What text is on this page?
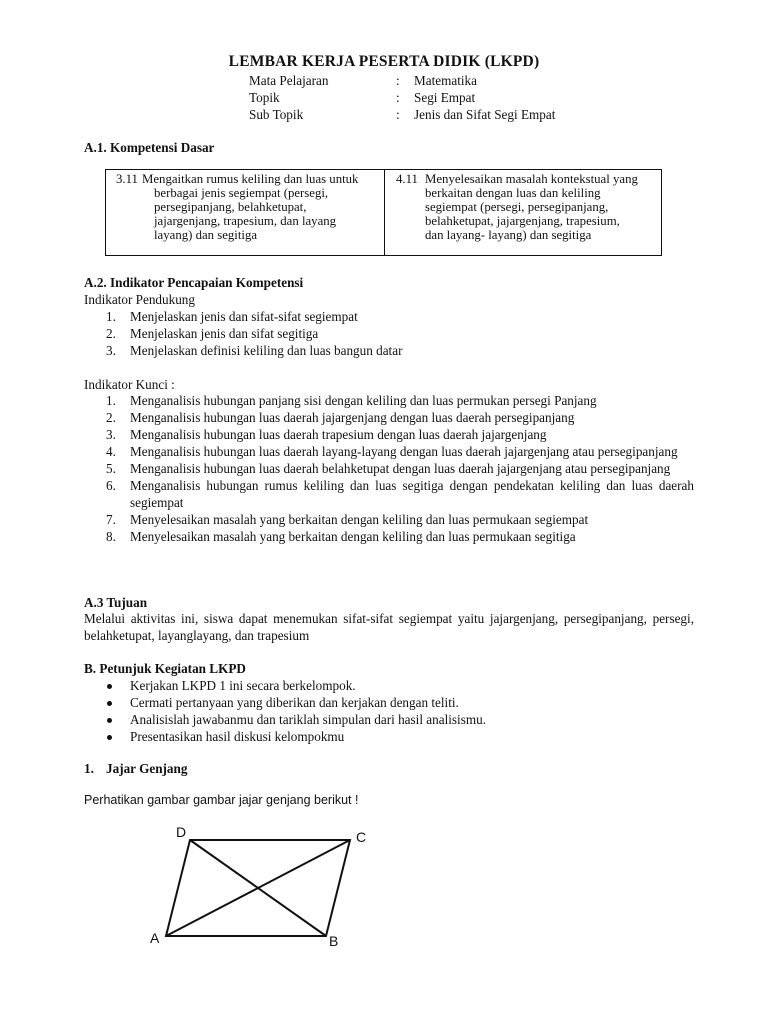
LEMBAR KERJA PESERTA DIDIK (LKPD)
Mata Pelajaran	: Matematika
Topik	: Segi Empat
Sub Topik	: Jenis dan Sifat Segi Empat
A.1. Kompetensi Dasar
3.11 Mengaitkan rumus keliling dan luas untuk
berbagai jenis segiempat (persegi,
persegipanjang, belahketupat,
jajargenjang, trapesium, dan layang
layang) dan segitiga
4.11 Menyelesaikan masalah kontekstual yang
berkaitan dengan luas dan keliling
segiempat (persegi, persegipanjang,
belahketupat, jajargenjang, trapesium,
dan layang- layang) dan segitiga
A.2. Indikator Pencapaian Kompetensi
Indikator Pendukung
1. Menjelaskan jenis dan sifat-sifat segiempat
2. Menjelaskan jenis dan sifat segitiga
3. Menjelaskan definisi keliling dan luas bangun datar
Indikator Kunci :
1. Menganalisis hubungan panjang sisi dengan keliling dan luas permukan persegi Panjang
2. Menganalisis hubungan luas daerah jajargenjang dengan luas daerah persegipanjang
3. Menganalisis hubungan luas daerah trapesium dengan luas daerah jajargenjang
4. Menganalisis hubungan luas daerah layang-layang dengan luas daerah jajargenjang atau persegipanjang
5. Menganalisis hubungan luas daerah belahketupat dengan luas daerah jajargenjang atau persegipanjang
6. Menganalisis hubungan rumus keliling dan luas segitiga dengan pendekatan keliling dan luas daerah segiempat
7. Menyelesaikan masalah yang berkaitan dengan keliling dan luas permukaan segiempat
8. Menyelesaikan masalah yang berkaitan dengan keliling dan luas permukaan segitiga
A.3 Tujuan
Melalui aktivitas ini, siswa dapat menemukan sifat-sifat segiempat yaitu jajargenjang, persegipanjang, persegi, belahketupat, layanglayang, dan trapesium
B. Petunjuk Kegiatan LKPD
Kerjakan LKPD 1 ini secara berkelompok.
Cermati pertanyaan yang diberikan dan kerjakan dengan teliti.
Analisislah jawabanmu dan tariklah simpulan dari hasil analisismu.
Presentasikan hasil diskusi kelompokmu
1. Jajar Genjang
Perhatikan gambar gambar jajar genjang berikut !
A	B
C
D
